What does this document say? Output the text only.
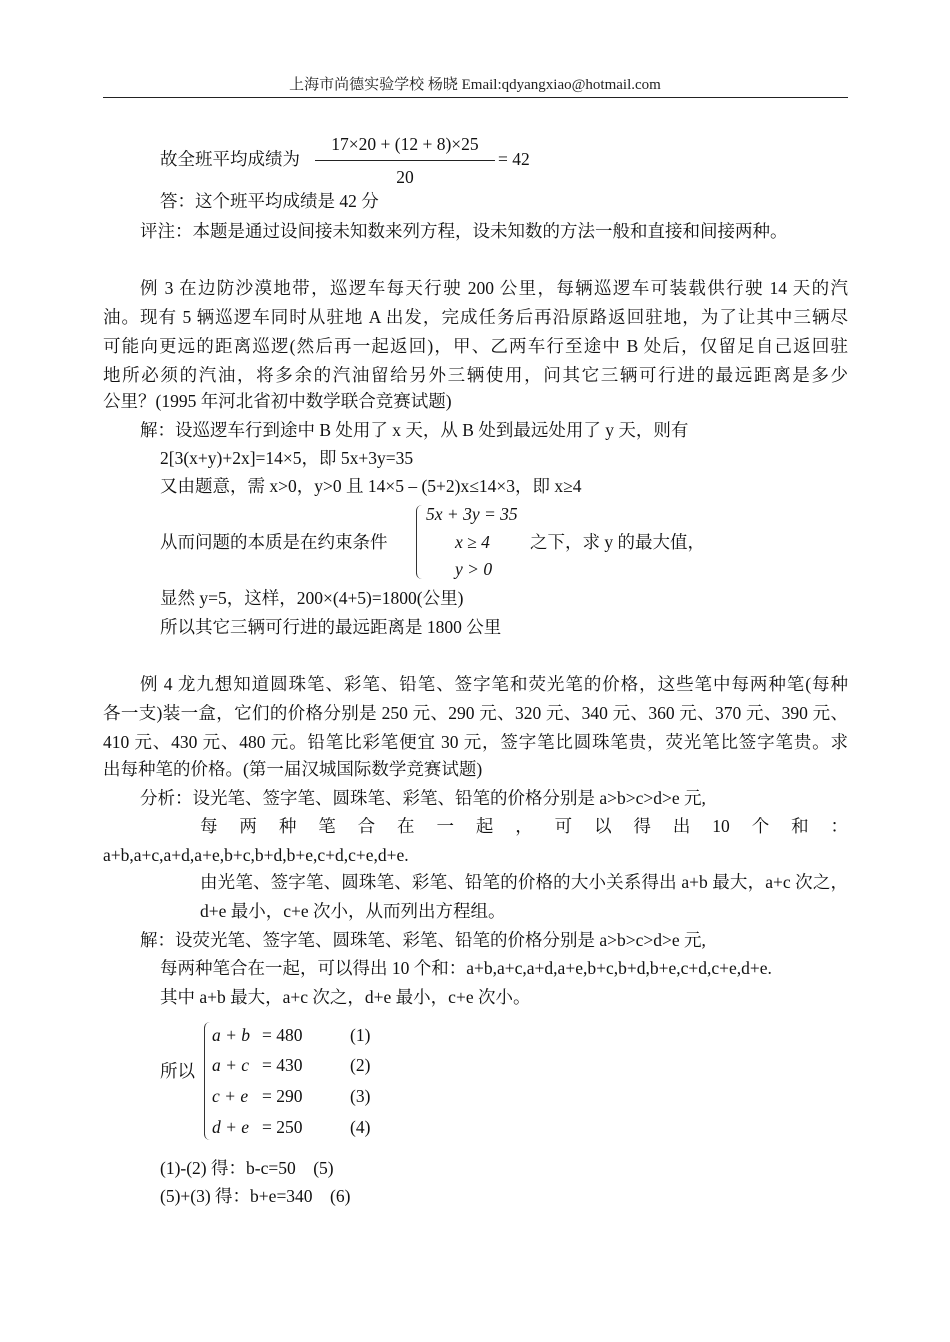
上海市尚德实验学校 杨晓 Email:qdyangxiao@hotmail.com
故全班平均成绩为
17×20 + (12 + 8)×25
20
= 42
答：这个班平均成绩是 42 分
评注：本题是通过设间接未知数来列方程，设未知数的方法一般和直接和间接两种。
例 3 在边防沙漠地带，巡逻车每天行驶 200 公里，每辆巡逻车可装载供行驶 14 天的汽
油。现有 5 辆巡逻车同时从驻地 A 出发，完成任务后再沿原路返回驻地，为了让其中三辆尽
可能向更远的距离巡逻(然后再一起返回)，甲、乙两车行至途中 B 处后，仅留足自己返回驻
地所必须的汽油，将多余的汽油留给另外三辆使用，问其它三辆可行进的最远距离是多少
公里？(1995 年河北省初中数学联合竞赛试题)
解：设巡逻车行到途中 B 处用了 x 天，从 B 处到最远处用了 y 天，则有
2[3(x+y)+2x]=14×5，即 5x+3y=35
又由题意，需 x>0，y>0 且 14×5 – (5+2)x≤14×3，即 x≥4
从而问题的本质是在约束条件
5x + 3y = 35
x ≥ 4
y > 0
之下，求 y 的最大值，
显然 y=5，这样，200×(4+5)=1800(公里)
所以其它三辆可行进的最远距离是 1800 公里
例 4 龙九想知道圆珠笔、彩笔、铅笔、签字笔和荧光笔的价格，这些笔中每两种笔(每种
各一支)装一盒，它们的价格分别是 250 元、290 元、320 元、340 元、360 元、370 元、390 元、
410 元、430 元、480 元。铅笔比彩笔便宜 30 元，签字笔比圆珠笔贵，荧光笔比签字笔贵。求
出每种笔的价格。(第一届汉城国际数学竞赛试题)
分析：设光笔、签字笔、圆珠笔、彩笔、铅笔的价格分别是 a>b>c>d>e 元,
每 两 种 笔 合 在 一 起 ， 可 以 得 出 10 个 和 ：
a+b,a+c,a+d,a+e,b+c,b+d,b+e,c+d,c+e,d+e.
由光笔、签字笔、圆珠笔、彩笔、铅笔的价格的大小关系得出 a+b 最大，a+c 次之，
d+e 最小，c+e 次小，从而列出方程组。
解：设荧光笔、签字笔、圆珠笔、彩笔、铅笔的价格分别是 a>b>c>d>e 元,
每两种笔合在一起，可以得出 10 个和：a+b,a+c,a+d,a+e,b+c,b+d,b+e,c+d,c+e,d+e.
其中 a+b 最大，a+c 次之，d+e 最小，c+e 次小。
所以
a + b = 480	(1)
a + c = 430	(2)
c + e = 290	(3)
d + e = 250	(4)
(1)-(2) 得：b-c=50    (5)
(5)+(3) 得：b+e=340    (6)
